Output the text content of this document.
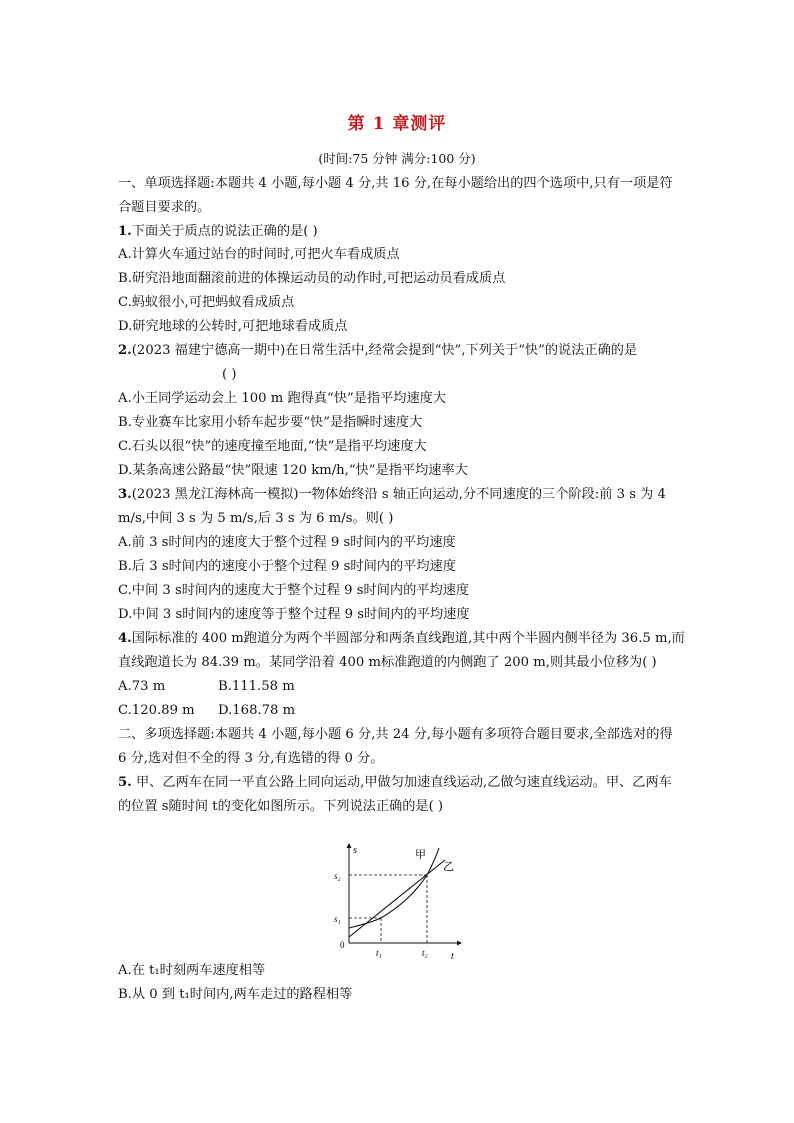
第 1 章测评
(时间:75 分钟 满分:100 分)
一、单项选择题:本题共 4 小题,每小题 4 分,共 16 分,在每小题给出的四个选项中,只有一项是符
合题目要求的。
1.下面关于质点的说法正确的是( )
A.计算火车通过站台的时间时,可把火车看成质点
B.研究沿地面翻滚前进的体操运动员的动作时,可把运动员看成质点
C.蚂蚁很小,可把蚂蚁看成质点
D.研究地球的公转时,可把地球看成质点
2.(2023 福建宁德高一期中)在日常生活中,经常会提到“快”,下列关于“快”的说法正确的是
( )
A.小王同学运动会上 100 m 跑得真“快”是指平均速度大
B.专业赛车比家用小轿车起步要“快”是指瞬时速度大
C.石头以很“快”的速度撞至地面,“快”是指平均速度大
D.某条高速公路最“快”限速 120 km/h,“快”是指平均速率大
3.(2023 黑龙江海林高一模拟)一物体始终沿 s 轴正向运动,分不同速度的三个阶段:前 3 s 为 4
m/s,中间 3 s 为 5 m/s,后 3 s 为 6 m/s。则( )
A.前 3 s时间内的速度大于整个过程 9 s时间内的平均速度
B.后 3 s时间内的速度小于整个过程 9 s时间内的平均速度
C.中间 3 s时间内的速度大于整个过程 9 s时间内的平均速度
D.中间 3 s时间内的速度等于整个过程 9 s时间内的平均速度
4.国际标准的 400 m跑道分为两个半圆部分和两条直线跑道,其中两个半圆内侧半径为 36.5 m,而
直线跑道长为 84.39 m。某同学沿着 400 m标准跑道的内侧跑了 200 m,则其最小位移为( )
A.73 m	B.111.58 m
C.120.89 m D.168.78 m
二、多项选择题:本题共 4 小题,每小题 6 分,共 24 分,每小题有多项符合题目要求,全部选对的得
6 分,选对但不全的得 3 分,有选错的得 0 分。
5. 甲、乙两车在同一平直公路上同向运动,甲做匀加速直线运动,乙做匀速直线运动。甲、乙两车
的位置 s随时间 t的变化如图所示。下列说法正确的是( )
s
t
0
s₁
s₂
t₁	t₂
甲
乙
A.在 t₁时刻两车速度相等
B.从 0 到 t₁时间内,两车走过的路程相等
